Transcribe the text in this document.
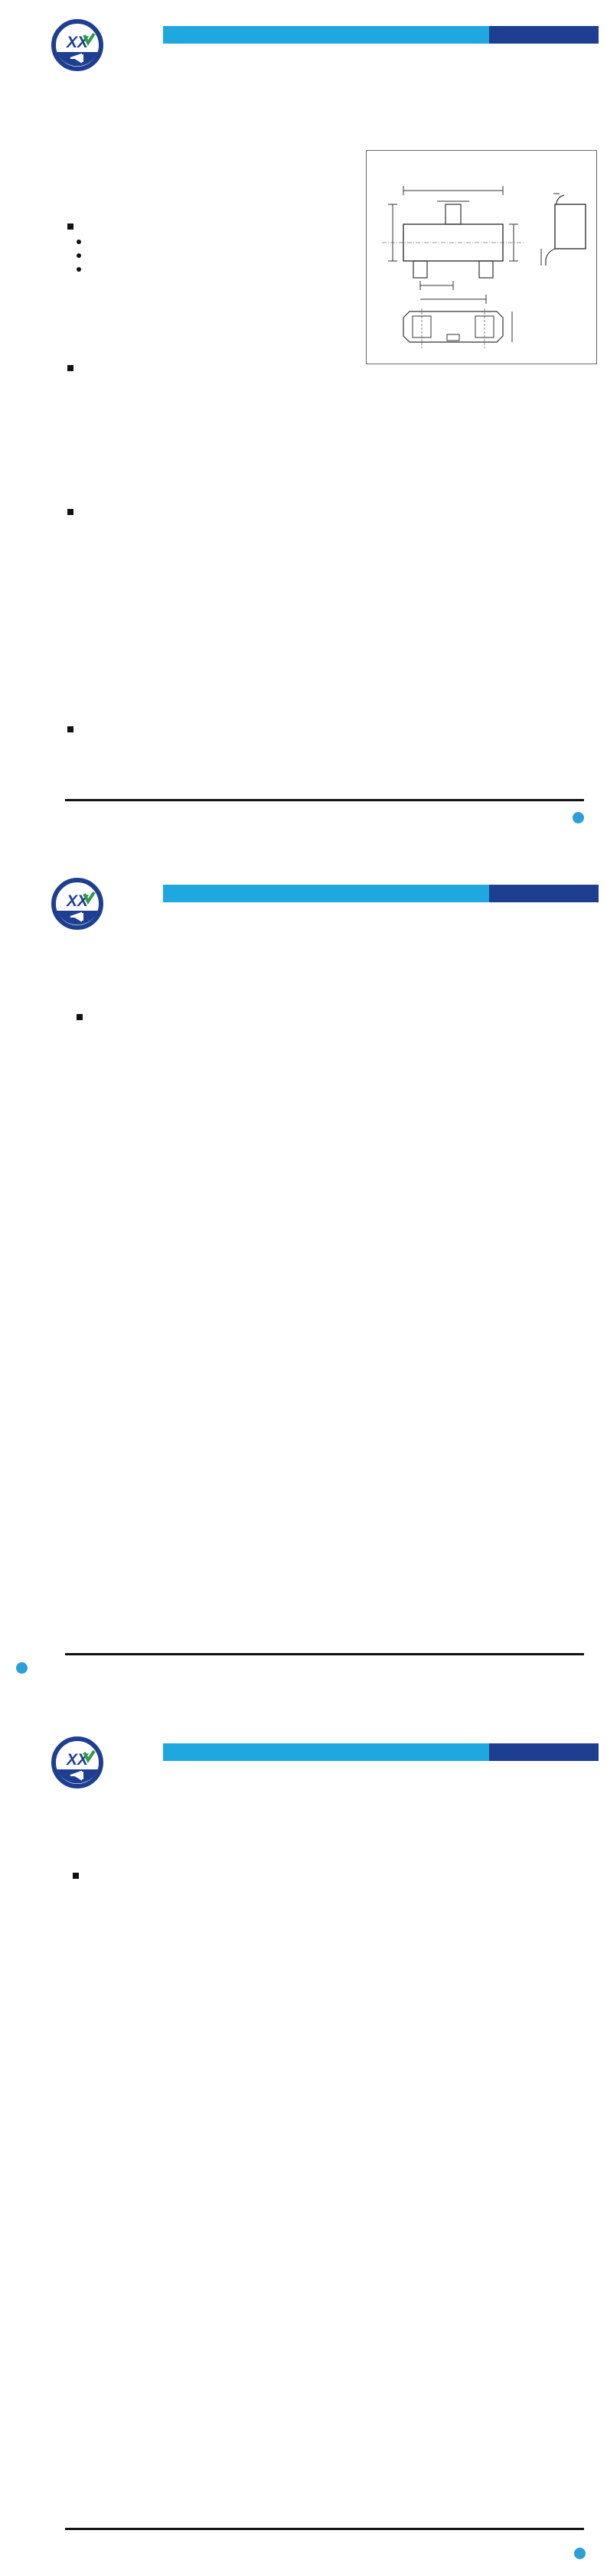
XX
XX
XX
